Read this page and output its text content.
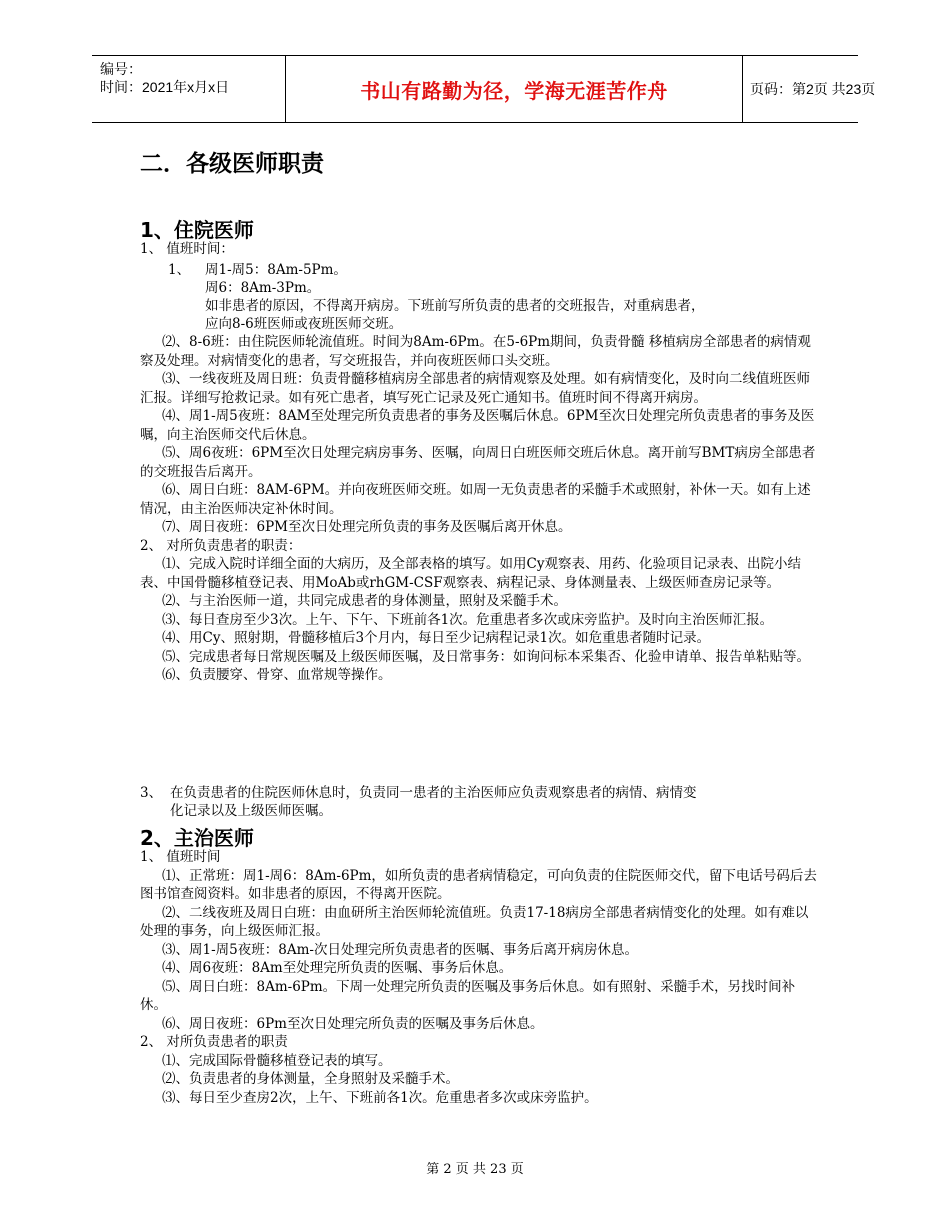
编号：
时间：2021年x月x日	书山有路勤为径，学海无涯苦作舟	页码：第2页 共23页
二．各级医师职责
1、住院医师
1、 值班时间：
1、 周1-周5：8Am-5Pm。
周6：8Am-3Pm。
如非患者的原因，不得离开病房。下班前写所负责的患者的交班报告，对重病患者，
应向8-6班医师或夜班医师交班。

⑵、8-6班：由住院医师轮流值班。时间为8Am-6Pm。在5-6Pm期间，负责骨髓 移植病房全部患者的病情观察及处理。对病情变化的患者，写交班报告，并向夜班医师口头交班。

⑶、一线夜班及周日班：负责骨髓移植病房全部患者的病情观察及处理。如有病情变化，及时向二线值班医师汇报。详细写抢救记录。如有死亡患者，填写死亡记录及死亡通知书。值班时间不得离开病房。

⑷、周1-周5夜班：8AM至处理完所负责患者的事务及医嘱后休息。6PM至次日处理完所负责患者的事务及医嘱，向主治医师交代后休息。

⑸、周6夜班：6PM至次日处理完病房事务、医嘱，向周日白班医师交班后休息。离开前写BMT病房全部患者的交班报告后离开。

⑹、周日白班：8AM-6PM。并向夜班医师交班。如周一无负责患者的采髓手术或照射，补休一天。如有上述情况，由主治医师决定补休时间。

⑺、周日夜班：6PM至次日处理完所负责的事务及医嘱后离开休息。

2、 对所负责患者的职责：

⑴、完成入院时详细全面的大病历，及全部表格的填写。如用Cy观察表、用药、化验项目记录表、出院小结表、中国骨髓移植登记表、用MoAb或rhGM-CSF观察表、病程记录、身体测量表、上级医师查房记录等。

⑵、与主治医师一道，共同完成患者的身体测量，照射及采髓手术。

⑶、每日查房至少3次。上午、下午、下班前各1次。危重患者多次或床旁监护。及时向主治医师汇报。

⑷、用Cy、照射期，骨髓移植后3个月内，每日至少记病程记录1次。如危重患者随时记录。

⑸、完成患者每日常规医嘱及上级医师医嘱，及日常事务：如询问标本采集否、化验申请单、报告单粘贴等。

⑹、负责腰穿、骨穿、血常规等操作。

3、 在负责患者的住院医师休息时，负责同一患者的主治医师应负责观察患者的病情、病情变
化记录以及上级医师医嘱。
2、主治医师

1、 值班时间

⑴、正常班：周1-周6：8Am-6Pm，如所负责的患者病情稳定，可向负责的住院医师交代，留下电话号码后去图书馆查阅资料。如非患者的原因，不得离开医院。

⑵、二线夜班及周日白班：由血研所主治医师轮流值班。负责17-18病房全部患者病情变化的处理。如有难以处理的事务，向上级医师汇报。

⑶、周1-周5夜班：8Am-次日处理完所负责患者的医嘱、事务后离开病房休息。

⑷、周6夜班：8Am至处理完所负责的医嘱、事务后休息。

⑸、周日白班：8Am-6Pm。下周一处理完所负责的医嘱及事务后休息。如有照射、采髓手术，另找时间补休。

⑹、周日夜班：6Pm至次日处理完所负责的医嘱及事务后休息。

2、 对所负责患者的职责

⑴、完成国际骨髓移植登记表的填写。

⑵、负责患者的身体测量，全身照射及采髓手术。

⑶、每日至少查房2次，上午、下班前各1次。危重患者多次或床旁监护。

第 2 页 共 23 页
